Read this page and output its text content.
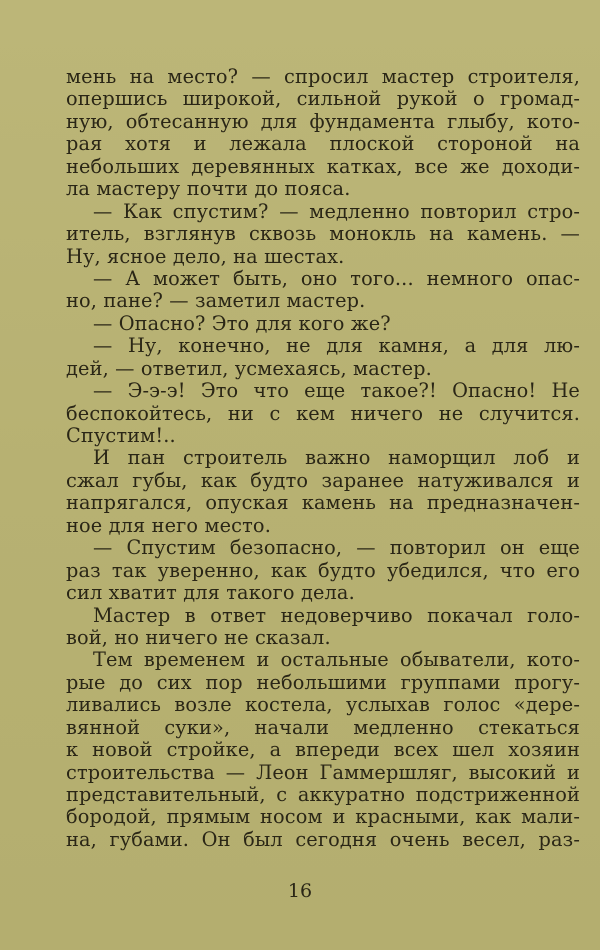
мень на место? — спросил мастер строителя,
опершись широкой, сильной рукой о громад-
ную, обтесанную для фундамента глыбу, кото-
рая хотя и лежала плоской стороной на
небольших деревянных катках, все же доходи-
ла мастеру почти до пояса.
— Как спустим? — медленно повторил стро-
итель, взглянув сквозь монокль на камень. —
Ну, ясное дело, на шестах.
— А может быть, оно того... немного опас-
но, пане? — заметил мастер.
— Опасно? Это для кого же?
— Ну, конечно, не для камня, а для лю-
дей, — ответил, усмехаясь, мастер.
— Э-э-э! Это что еще такое?! Опасно! Не
беспокойтесь, ни с кем ничего не случится.
Спустим!..
И пан строитель важно наморщил лоб и
сжал губы, как будто заранее натуживался и
напрягался, опуская камень на предназначен-
ное для него место.
— Спустим безопасно, — повторил он еще
раз так уверенно, как будто убедился, что его
сил хватит для такого дела.
Мастер в ответ недоверчиво покачал голо-
вой, но ничего не сказал.
Тем временем и остальные обыватели, кото-
рые до сих пор небольшими группами прогу-
ливались возле костела, услыхав голос «дере-
вянной суки», начали медленно стекаться
к новой стройке, а впереди всех шел хозяин
строительства — Леон Гаммершляг, высокий и
представительный, с аккуратно подстриженной
бородой, прямым носом и красными, как мали-
на, губами. Он был сегодня очень весел, раз-
16
